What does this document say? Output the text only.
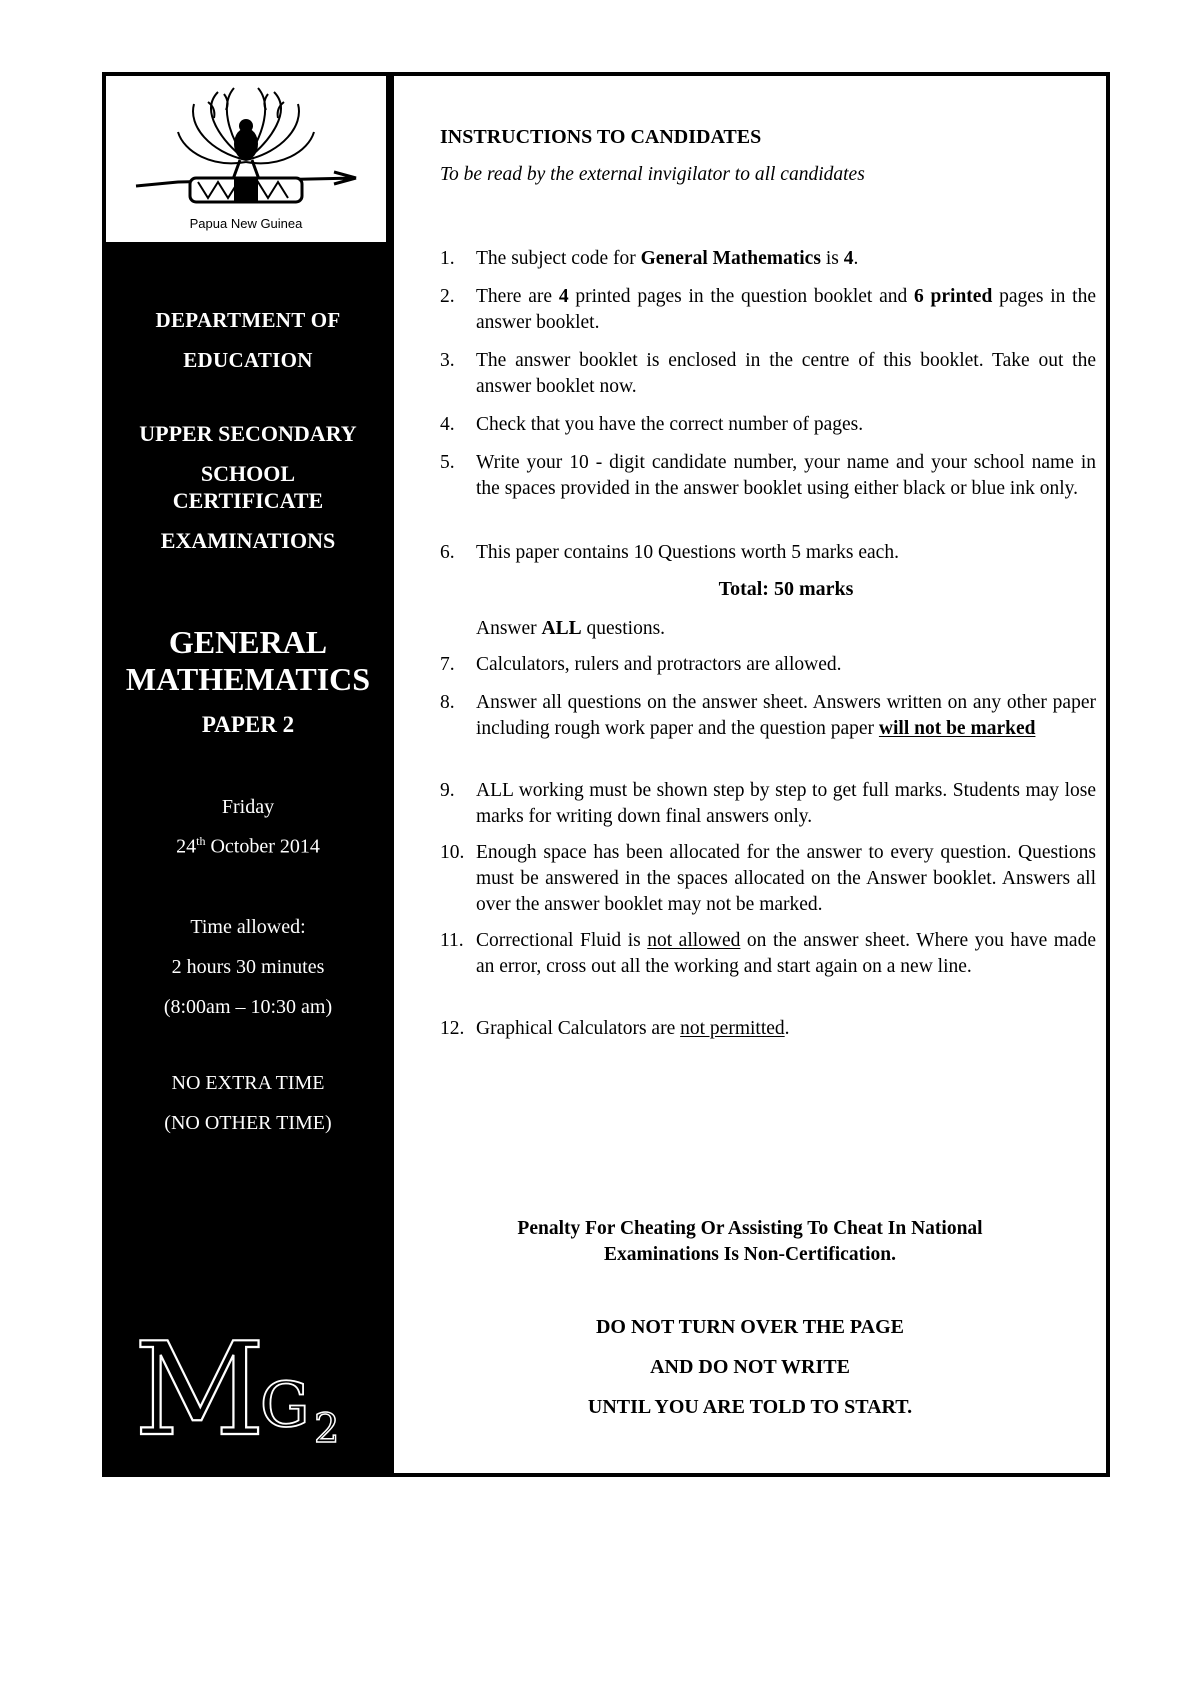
Papua New Guinea
DEPARTMENT OF
EDUCATION
UPPER SECONDARY
SCHOOL
CERTIFICATE
EXAMINATIONS
GENERAL
MATHEMATICS
PAPER 2
Friday
24th October 2014
Time allowed:
2 hours 30 minutes
(8:00am – 10:30 am)
NO EXTRA TIME
(NO OTHER TIME)
M
G 2
INSTRUCTIONS TO CANDIDATES
To be read by the external invigilator to all candidates
1.	The subject code for General Mathematics is 4.
2.	There are 4 printed pages in the question booklet and 6 printed pages in the answer booklet.
3.	The answer booklet is enclosed in the centre of this booklet. Take out the answer booklet now.
4.	Check that you have the correct number of pages.
5.	Write your 10 - digit candidate number, your name and your school name in the spaces provided in the answer booklet using either black or blue ink only.
6.	This paper contains 10 Questions worth 5 marks each.
Total: 50 marks
Answer ALL questions.
7.	Calculators, rulers and protractors are allowed.
8.	Answer all questions on the answer sheet. Answers written on any other paper including rough work paper and the question paper will not be marked
9.	ALL working must be shown step by step to get full marks. Students may lose marks for writing down final answers only.
10. Enough space has been allocated for the answer to every question. Questions must be answered in the spaces allocated on the Answer booklet. Answers all over the answer booklet may not be marked.
11. Correctional Fluid is not allowed on the answer sheet. Where you have made an error, cross out all the working and start again on a new line.
12. Graphical Calculators are not permitted.
Penalty For Cheating Or Assisting To Cheat In National
Examinations Is Non-Certification.
DO NOT TURN OVER THE PAGE
AND DO NOT WRITE
UNTIL YOU ARE TOLD TO START.
